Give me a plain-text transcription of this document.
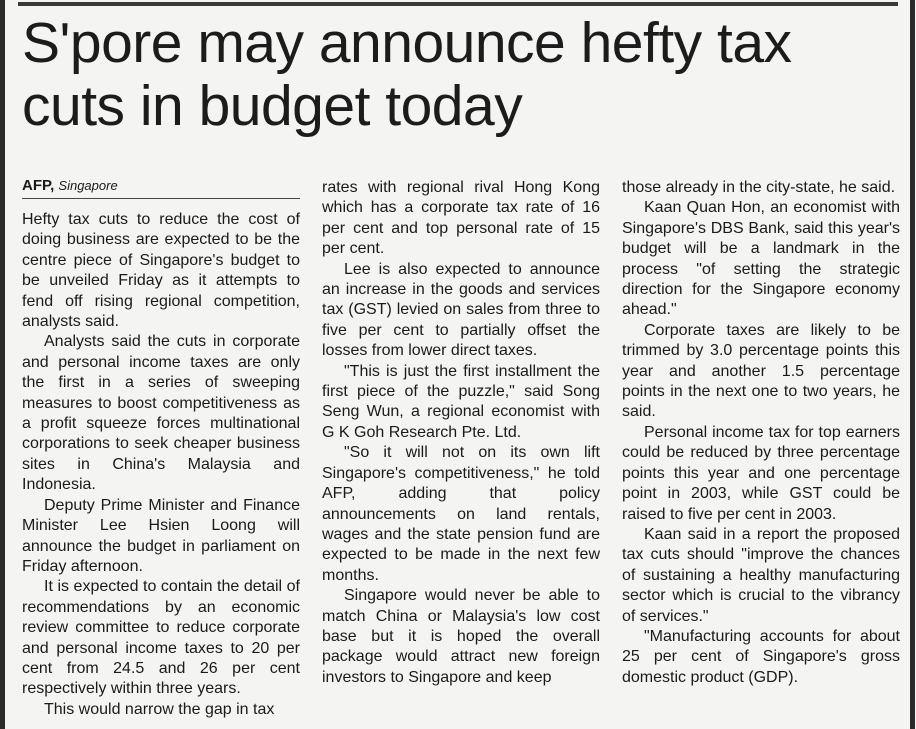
S'pore may announce hefty tax cuts in budget today
AFP, Singapore

Hefty tax cuts to reduce the cost of doing business are expected to be the centre piece of Singapore's budget to be unveiled Friday as it attempts to fend off rising regional competition, analysts said.

Analysts said the cuts in corporate and personal income taxes are only the first in a series of sweeping measures to boost competitiveness as a profit squeeze forces multinational corporations to seek cheaper business sites in China's Malaysia and Indonesia.

Deputy Prime Minister and Finance Minister Lee Hsien Loong will announce the budget in parliament on Friday afternoon.

It is expected to contain the detail of recommendations by an economic review committee to reduce corporate and personal income taxes to 20 per cent from 24.5 and 26 per cent respectively within three years.

This would narrow the gap in tax

rates with regional rival Hong Kong which has a corporate tax rate of 16 per cent and top personal rate of 15 per cent.

Lee is also expected to announce an increase in the goods and services tax (GST) levied on sales from three to five per cent to partially offset the losses from lower direct taxes.

"This is just the first installment the first piece of the puzzle," said Song Seng Wun, a regional economist with G K Goh Research Pte. Ltd.

"So it will not on its own lift Singapore's competitiveness," he told AFP, adding that policy announcements on land rentals, wages and the state pension fund are expected to be made in the next few months.

Singapore would never be able to match China or Malaysia's low cost base but it is hoped the overall package would attract new foreign investors to Singapore and keep

those already in the city-state, he said.

Kaan Quan Hon, an economist with Singapore's DBS Bank, said this year's budget will be a landmark in the process "of setting the strategic direction for the Singapore economy ahead."

Corporate taxes are likely to be trimmed by 3.0 percentage points this year and another 1.5 percentage points in the next one to two years, he said.

Personal income tax for top earners could be reduced by three percentage points this year and one percentage point in 2003, while GST could be raised to five per cent in 2003.

Kaan said in a report the proposed tax cuts should "improve the chances of sustaining a healthy manufacturing sector which is crucial to the vibrancy of services."

"Manufacturing accounts for about 25 per cent of Singapore's gross domestic product (GDP).
